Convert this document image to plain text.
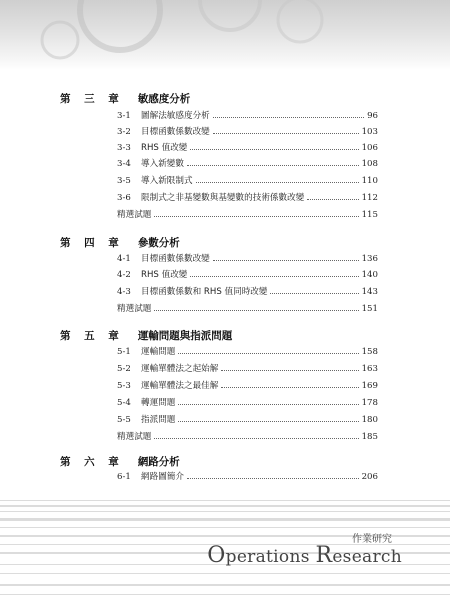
第 三 章 敏感度分析
3-1	圖解法敏感度分析	96
3-2	目標函數係數改變	103
3-3	RHS 值改變	106
3-4	導入新變數	108
3-5	導入新限制式	110
3-6	限制式之非基變數與基變數的技術係數改變	112
精選試題	115
第 四 章 參數分析
4-1	目標函數係數改變	136
4-2	RHS 值改變	140
4-3	目標函數係數和 RHS 值同時改變	143
精選試題	151
第 五 章 運輸問題與指派問題
5-1	運輸問題	158
5-2	運輸單體法之起始解	163
5-3	運輸單體法之最佳解	169
5-4	轉運問題	178
5-5	指派問題	180
精選試題	185
第 六 章 網路分析
6-1	網路圖簡介	206
作業研究
Operations Research
